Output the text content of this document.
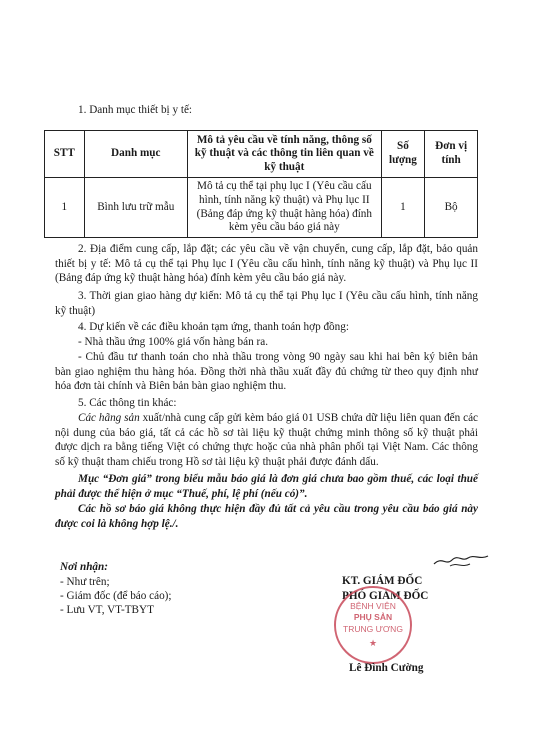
1. Danh mục thiết bị y tế:
STT	Danh mục	Mô tả yêu cầu về tính năng, thông số kỹ thuật và các thông tin liên quan về kỹ thuật	Số lượng	Đơn vị tính
1	Bình lưu trữ mẫu	Mô tả cụ thể tại phụ lục I (Yêu cầu cấu hình, tính năng kỹ thuật) và Phụ lục II (Bảng đáp ứng kỹ thuật hàng hóa) đính kèm yêu cầu báo giá này	1	Bộ
2. Địa điểm cung cấp, lắp đặt; các yêu cầu về vận chuyển, cung cấp, lắp đặt, bảo quản thiết bị y tế: Mô tả cụ thể tại Phụ lục I (Yêu cầu cấu hình, tính năng kỹ thuật) và Phụ lục II (Bảng đáp ứng kỹ thuật hàng hóa) đính kèm yêu cầu báo giá này.
3. Thời gian giao hàng dự kiến: Mô tả cụ thể tại Phụ lục I (Yêu cầu cấu hình, tính năng kỹ thuật)
4. Dự kiến về các điều khoản tạm ứng, thanh toán hợp đồng:
- Nhà thầu ứng 100% giá vốn hàng bán ra.
- Chủ đầu tư thanh toán cho nhà thầu trong vòng 90 ngày sau khi hai bên ký biên bản bàn giao nghiệm thu hàng hóa. Đồng thời nhà thầu xuất đầy đủ chứng từ theo quy định như hóa đơn tài chính và Biên bản bàn giao nghiệm thu.
5. Các thông tin khác:
Các hãng sản xuất/nhà cung cấp gửi kèm báo giá 01 USB chứa dữ liệu liên quan đến các nội dung của báo giá, tất cả các hồ sơ tài liệu kỹ thuật chứng minh thông số kỹ thuật phải được dịch ra bằng tiếng Việt có chứng thực hoặc của nhà phân phối tại Việt Nam. Các thông số kỹ thuật tham chiếu trong Hồ sơ tài liệu kỹ thuật phải được đánh dấu.
Mục “Đơn giá” trong biểu mẫu báo giá là đơn giá chưa bao gồm thuế, các loại thuế phải được thể hiện ở mục “Thuế, phí, lệ phí (nếu có)”.
Các hồ sơ báo giá không thực hiện đầy đủ tất cả yêu cầu trong yêu cầu báo giá này được coi là không hợp lệ./.
Nơi nhận:
- Như trên;
- Giám đốc (để báo cáo);
- Lưu VT, VT-TBYT
KT. GIÁM ĐỐC
PHÓ GIÁM ĐỐC
BỆNH VIỆN
PHỤ SẢN
TRUNG ƯƠNG
★
Lê Đình Cường
